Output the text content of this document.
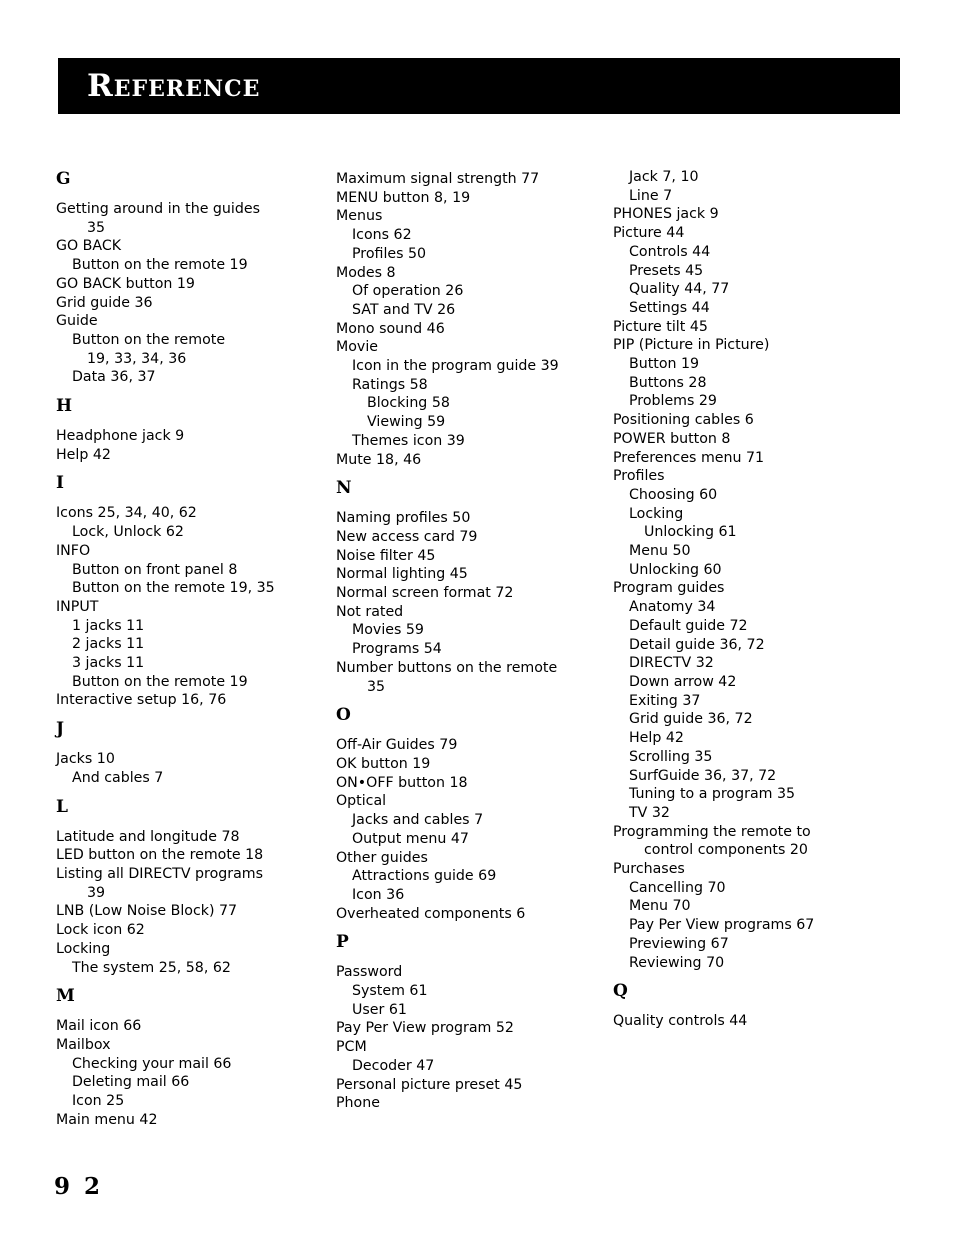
Reference
G
Getting around in the guides
35
GO BACK
Button on the remote 19
GO BACK button 19
Grid guide 36
Guide
Button on the remote
19, 33, 34, 36
Data 36, 37
H
Headphone jack 9
Help 42
I
Icons 25, 34, 40, 62
Lock, Unlock 62
INFO
Button on front panel 8
Button on the remote 19, 35
INPUT
1 jacks 11
2 jacks 11
3 jacks 11
Button on the remote 19
Interactive setup 16, 76
J
Jacks 10
And cables 7
L
Latitude and longitude 78
LED button on the remote 18
Listing all DIRECTV programs
39
LNB (Low Noise Block) 77
Lock icon 62
Locking
The system 25, 58, 62
M
Mail icon 66
Mailbox
Checking your mail 66
Deleting mail 66
Icon 25
Main menu 42
Maximum signal strength 77
MENU button 8, 19
Menus
Icons 62
Profiles 50
Modes 8
Of operation 26
SAT and TV 26
Mono sound 46
Movie
Icon in the program guide 39
Ratings 58
Blocking 58
Viewing 59
Themes icon 39
Mute 18, 46
N
Naming profiles 50
New access card 79
Noise filter 45
Normal lighting 45
Normal screen format 72
Not rated
Movies 59
Programs 54
Number buttons on the remote
35
O
Off-Air Guides 79
OK button 19
ON•OFF button 18
Optical
Jacks and cables 7
Output menu 47
Other guides
Attractions guide 69
Icon 36
Overheated components 6
P
Password
System 61
User 61
Pay Per View program 52
PCM
Decoder 47
Personal picture preset 45
Phone
Jack 7, 10
Line 7
PHONES jack 9
Picture 44
Controls 44
Presets 45
Quality 44, 77
Settings 44
Picture tilt 45
PIP (Picture in Picture)
Button 19
Buttons 28
Problems 29
Positioning cables 6
POWER button 8
Preferences menu 71
Profiles
Choosing 60
Locking
Unlocking 61
Menu 50
Unlocking 60
Program guides
Anatomy 34
Default guide 72
Detail guide 36, 72
DIRECTV 32
Down arrow 42
Exiting 37
Grid guide 36, 72
Help 42
Scrolling 35
SurfGuide 36, 37, 72
Tuning to a program 35
TV 32
Programming the remote to
control components 20
Purchases
Cancelling 70
Menu 70
Pay Per View programs 67
Previewing 67
Reviewing 70
Q
Quality controls 44
9 2
